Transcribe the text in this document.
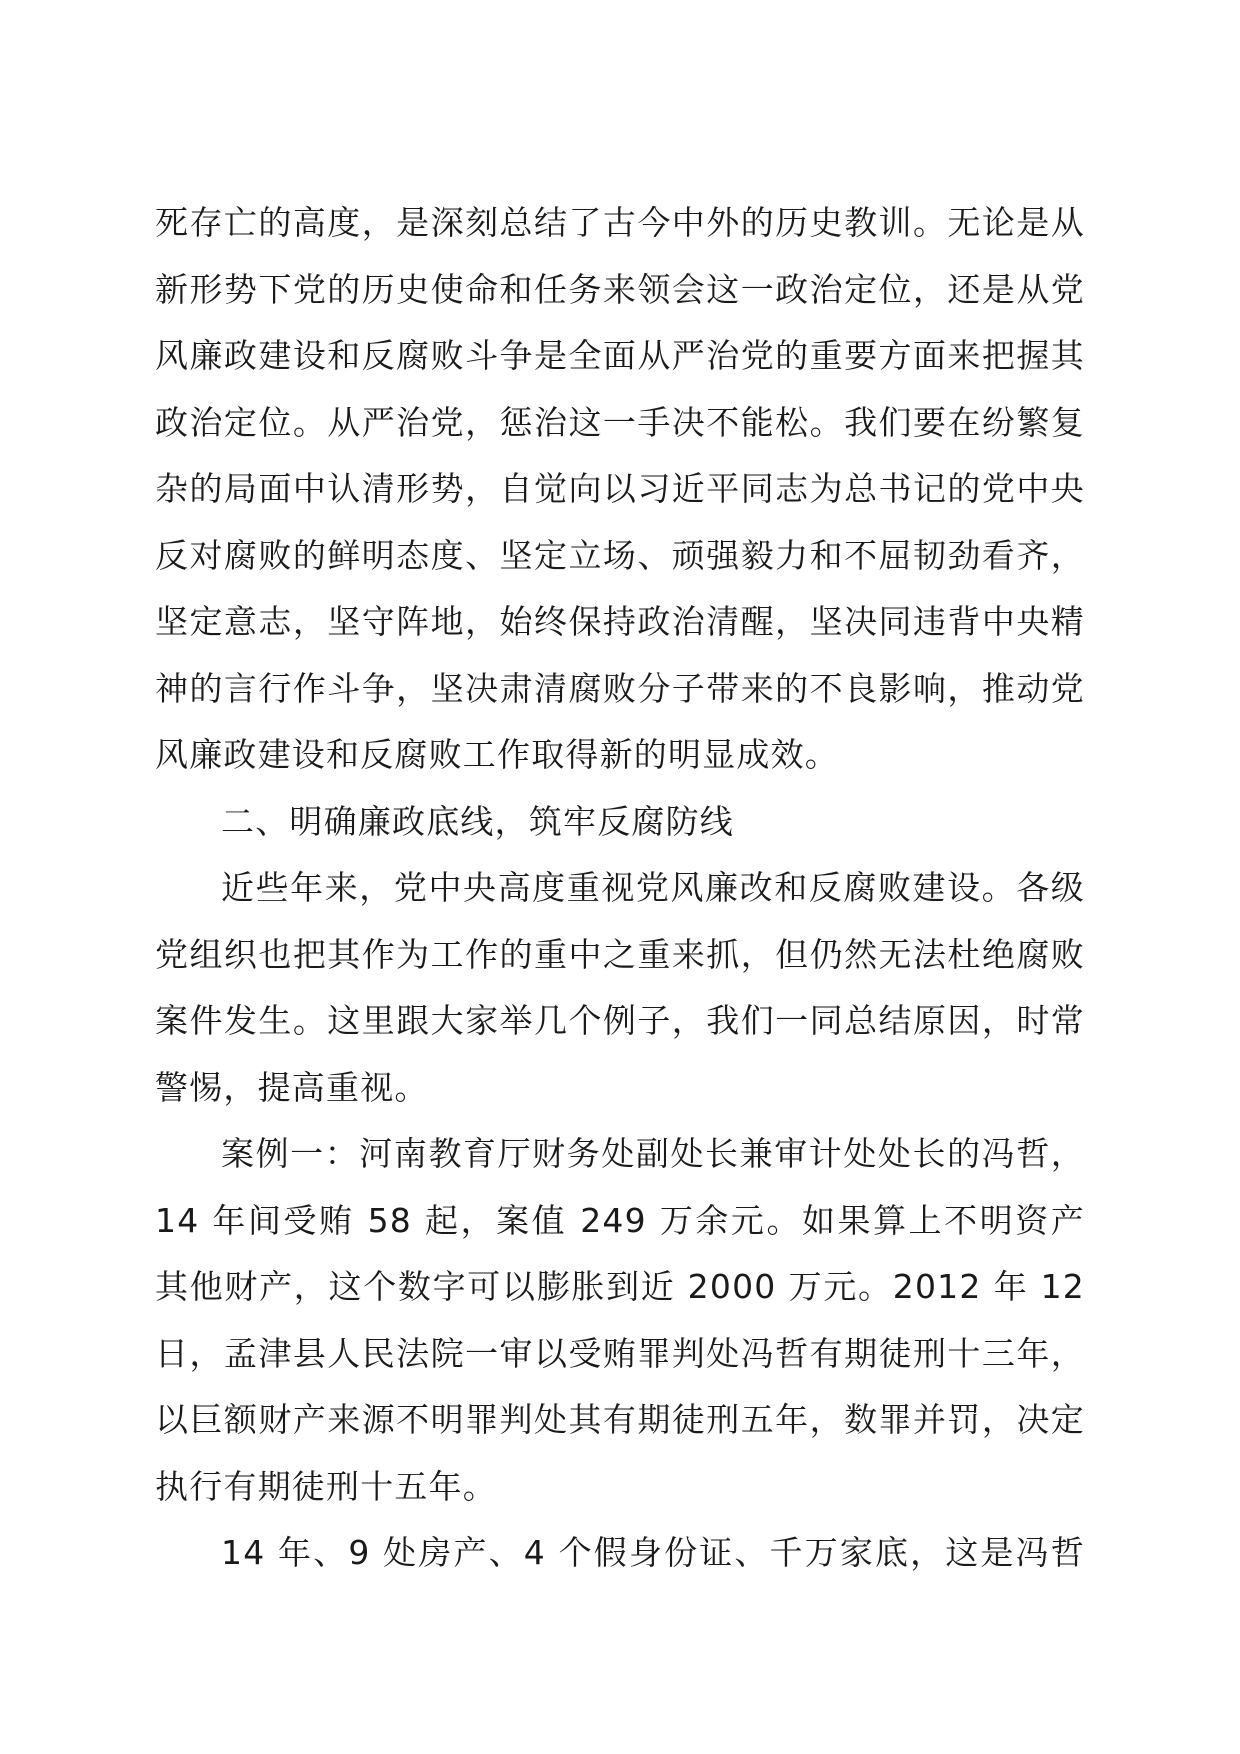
死存亡的高度，是深刻总结了古今中外的历史教训。无论是从
新形势下党的历史使命和任务来领会这一政治定位，还是从党
风廉政建设和反腐败斗争是全面从严治党的重要方面来把握其
政治定位。从严治党，惩治这一手决不能松。我们要在纷繁复
杂的局面中认清形势，自觉向以习近平同志为总书记的党中央
反对腐败的鲜明态度、坚定立场、顽强毅力和不屈韧劲看齐，
坚定意志，坚守阵地，始终保持政治清醒，坚决同违背中央精
神的言行作斗争，坚决肃清腐败分子带来的不良影响，推动党
风廉政建设和反腐败工作取得新的明显成效。
二、明确廉政底线，筑牢反腐防线
近些年来，党中央高度重视党风廉改和反腐败建设。各级
党组织也把其作为工作的重中之重来抓，但仍然无法杜绝腐败
案件发生。这里跟大家举几个例子，我们一同总结原因，时常
警惕，提高重视。
案例一：河南教育厅财务处副处长兼审计处处长的冯哲，
14 年间受贿 58 起，案值 249 万余元。如果算上不明资产
其他财产，这个数字可以膨胀到近 2000 万元。2012 年 12
日，孟津县人民法院一审以受贿罪判处冯哲有期徒刑十三年，
以巨额财产来源不明罪判处其有期徒刑五年，数罪并罚，决定
执行有期徒刑十五年。
14 年、9 处房产、4 个假身份证、千万家底，这是冯哲
